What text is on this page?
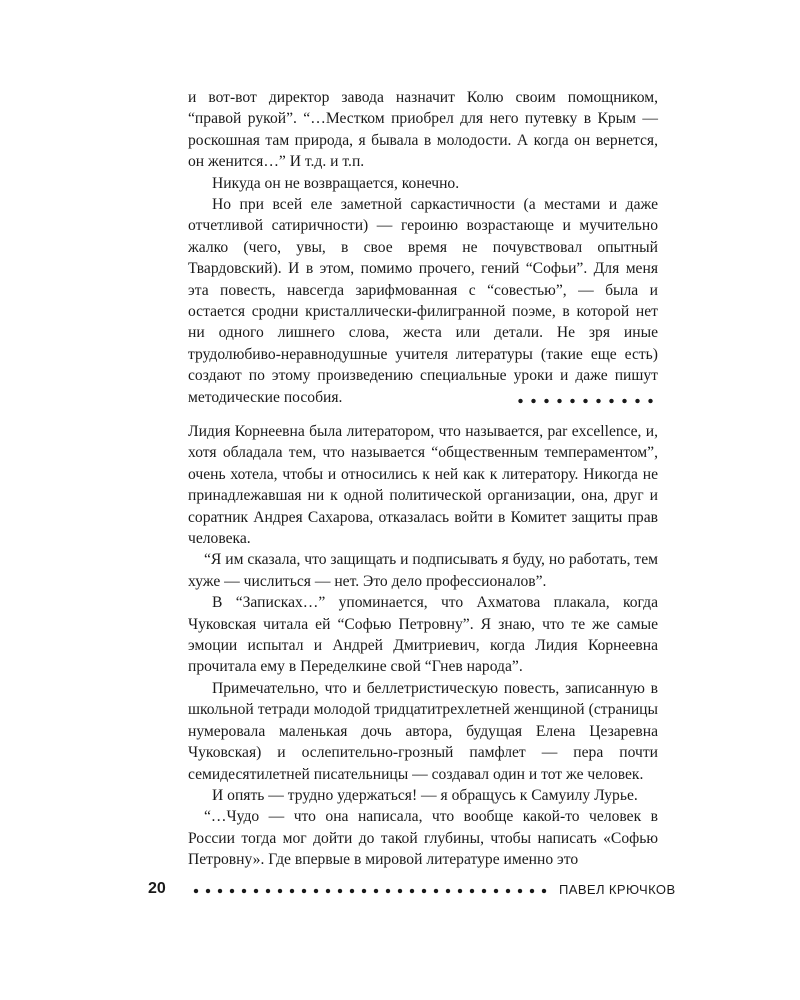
и вот-вот директор завода назначит Колю своим помощником, “правой рукой”. “…Местком приобрел для него путевку в Крым — роскошная там природа, я бывала в молодости. А когда он вернется, он женится…” И т.д. и т.п.

Никуда он не возвращается, конечно.

Но при всей еле заметной саркастичности (а местами и даже отчетливой сатиричности) — героиню возрастающе и мучительно жалко (чего, увы, в свое время не почувствовал опытный Твардовский). И в этом, помимо прочего, гений “Софьи”. Для меня эта повесть, навсегда зарифмованная с “совестью”, — была и остается сродни кристаллически-филигранной поэме, в которой нет ни одного лишнего слова, жеста или детали. Не зря иные трудолюбиво-неравнодушные учителя литературы (такие еще есть) создают по этому произведению специальные уроки и даже пишут методические пособия.

Лидия Корнеевна была литератором, что называется, par excellence, и, хотя обладала тем, что называется “общественным темпераментом”, очень хотела, чтобы и относились к ней как к литератору. Никогда не принадлежавшая ни к одной политической организации, она, друг и соратник Андрея Сахарова, отказалась войти в Комитет защиты прав человека.

“Я им сказала, что защищать и подписывать я буду, но работать, тем хуже — числиться — нет. Это дело профессионалов”.

В “Записках…” упоминается, что Ахматова плакала, когда Чуковская читала ей “Софью Петровну”. Я знаю, что те же самые эмоции испытал и Андрей Дмитриевич, когда Лидия Корнеевна прочитала ему в Переделкине свой “Гнев народа”.

Примечательно, что и беллетристическую повесть, записанную в школьной тетради молодой тридцатитрехлетней женщиной (страницы нумеровала маленькая дочь автора, будущая Елена Цезаревна Чуковская) и ослепительно-грозный памфлет — пера почти семидесятилетней писательницы — создавал один и тот же человек.

И опять — трудно удержаться! — я обращусь к Самуилу Лурье.

“…Чудо — что она написала, что вообще какой-то человек в России тогда мог дойти до такой глубины, чтобы написать «Софью Петровну». Где впервые в мировой литературе именно это

20	ПАВЕЛ КРЮЧКОВ
